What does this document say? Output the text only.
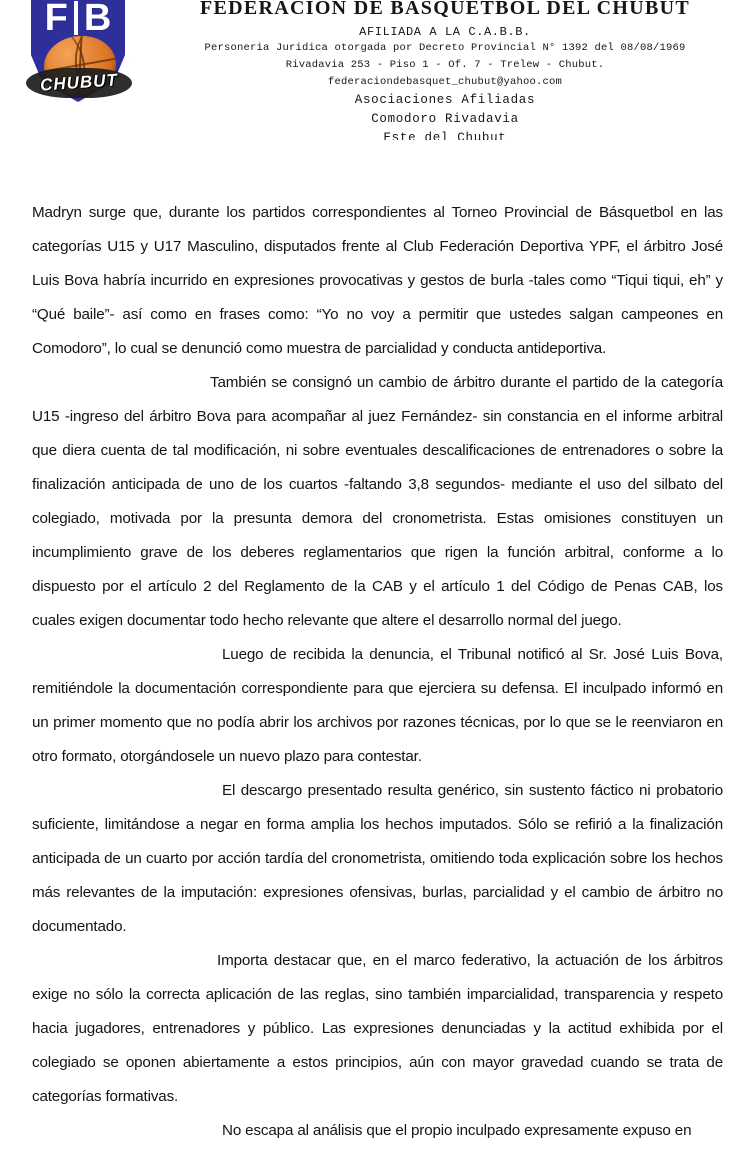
F B
CHUBUT
FEDERACION DE BASQUETBOL DEL CHUBUT
AFILIADA A LA C.A.B.B.
Personeria Juridica otorgada por Decreto Provincial N° 1392 del 08/08/1969
Rivadavia 253 - Piso 1 - Of. 7 - Trelew - Chubut.
federaciondebasquet_chubut@yahoo.com
Asociaciones Afiliadas
Comodoro Rivadavia
Este del Chubut

Madryn surge que, durante los partidos correspondientes al Torneo Provincial de Básquetbol en las categorías U15 y U17 Masculino, disputados frente al Club Federación Deportiva YPF, el árbitro José Luis Bova habría incurrido en expresiones provocativas y gestos de burla -tales como “Tiqui tiqui, eh” y “Qué baile”- así como en frases como: “Yo no voy a permitir que ustedes salgan campeones en Comodoro”, lo cual se denunció como muestra de parcialidad y conducta antideportiva.

También se consignó un cambio de árbitro durante el partido de la categoría U15 -ingreso del árbitro Bova para acompañar al juez Fernández- sin constancia en el informe arbitral que diera cuenta de tal modificación, ni sobre eventuales descalificaciones de entrenadores o sobre la finalización anticipada de uno de los cuartos -faltando 3,8 segundos- mediante el uso del silbato del colegiado, motivada por la presunta demora del cronometrista. Estas omisiones constituyen un incumplimiento grave de los deberes reglamentarios que rigen la función arbitral, conforme a lo dispuesto por el artículo 2 del Reglamento de la CAB y el artículo 1 del Código de Penas CAB, los cuales exigen documentar todo hecho relevante que altere el desarrollo normal del juego.

Luego de recibida la denuncia, el Tribunal notificó al Sr. José Luis Bova, remitiéndole la documentación correspondiente para que ejerciera su defensa. El inculpado informó en un primer momento que no podía abrir los archivos por razones técnicas, por lo que se le reenviaron en otro formato, otorgándosele un nuevo plazo para contestar.

El descargo presentado resulta genérico, sin sustento fáctico ni probatorio suficiente, limitándose a negar en forma amplia los hechos imputados. Sólo se refirió a la finalización anticipada de un cuarto por acción tardía del cronometrista, omitiendo toda explicación sobre los hechos más relevantes de la imputación: expresiones ofensivas, burlas, parcialidad y el cambio de árbitro no documentado.

Importa destacar que, en el marco federativo, la actuación de los árbitros exige no sólo la correcta aplicación de las reglas, sino también imparcialidad, transparencia y respeto hacia jugadores, entrenadores y público. Las expresiones denunciadas y la actitud exhibida por el colegiado se oponen abiertamente a estos principios, aún con mayor gravedad cuando se trata de categorías formativas.

No escapa al análisis que el propio inculpado expresamente expuso en
